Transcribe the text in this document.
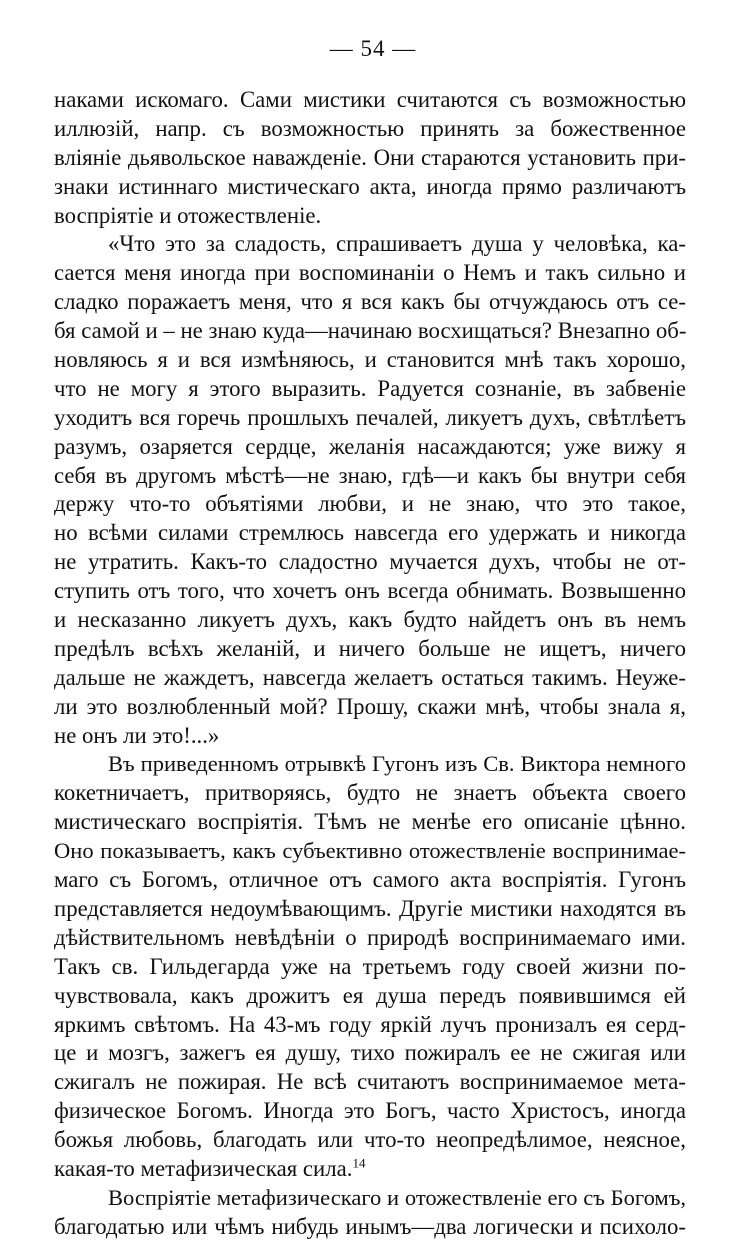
— 54 —
наками искомаго. Сами мистики считаются съ возможностью
иллюзій, напр. съ возможностью принять за божественное
вліяніе дьявольское наважденіе. Они стараются установить при-
знаки истиннаго мистическаго акта, иногда прямо различаютъ
воспріятіе и отожествленіе.
«Что это за сладость, спрашиваетъ душа у человѣка, ка-
сается меня иногда при воспоминаніи о Немъ и такъ сильно и
сладко поражаетъ меня, что я вся какъ бы отчуждаюсь отъ се-
бя самой и – не знаю куда—начинаю восхищаться? Внезапно об-
новляюсь я и вся измѣняюсь, и становится мнѣ такъ хорошо,
что не могу я этого выразить. Радуется сознаніе, въ забвеніе
уходитъ вся горечь прошлыхъ печалей, ликуетъ духъ, свѣтлѣетъ
разумъ, озаряется сердце, желанія насаждаются; уже вижу я
себя въ другомъ мѣстѣ—не знаю, гдѣ—и какъ бы внутри себя
держу что-то объятіями любви, и не знаю, что это такое,
но всѣми силами стремлюсь навсегда его удержать и никогда
не утратить. Какъ-то сладостно мучается духъ, чтобы не от-
ступить отъ того, что хочетъ онъ всегда обнимать. Возвышенно
и несказанно ликуетъ духъ, какъ будто найдетъ онъ въ немъ
предѣлъ всѣхъ желаній, и ничего больше не ищетъ, ничего
дальше не жаждетъ, навсегда желаетъ остаться такимъ. Неуже-
ли это возлюбленный мой? Прошу, скажи мнѣ, чтобы знала я,
не онъ ли это!...»
Въ приведенномъ отрывкѣ Гугонъ изъ Св. Виктора немного
кокетничаетъ, притворяясь, будто не знаетъ объекта своего
мистическаго воспріятія. Тѣмъ не менѣе его описаніе цѣнно.
Оно показываетъ, какъ субъективно отожествленіе воспринимае-
маго съ Богомъ, отличное отъ самого акта воспріятія. Гугонъ
представляется недоумѣвающимъ. Другіе мистики находятся въ
дѣйствительномъ невѣдѣніи о природѣ воспринимаемаго ими.
Такъ св. Гильдегарда уже на третьемъ году своей жизни по-
чувствовала, какъ дрожитъ ея душа передъ появившимся ей
яркимъ свѣтомъ. На 43-мъ году яркій лучъ пронизалъ ея серд-
це и мозгъ, зажегъ ея душу, тихо пожиралъ ее не сжигая или
сжигалъ не пожирая. Не всѣ считаютъ воспринимаемое мета-
физическое Богомъ. Иногда это Богъ, часто Христосъ, иногда
божья любовь, благодать или что-то неопредѣлимое, неясное,
какая-то метафизическая сила.$^{14}$
Воспріятіе метафизическаго и отожествленіе его съ Богомъ,
благодатью или чѣмъ нибудь инымъ—два логически и психоло-
